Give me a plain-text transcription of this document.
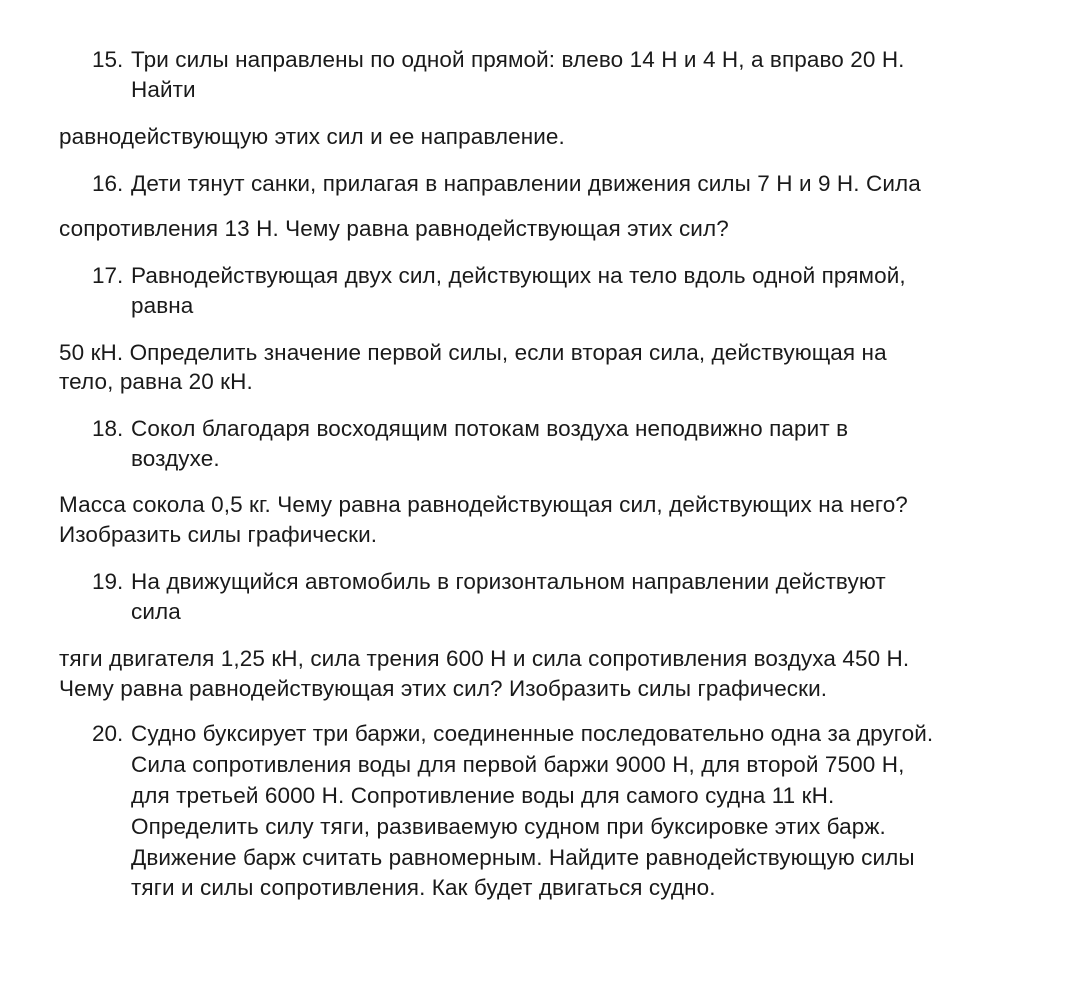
15. Три силы направлены по одной прямой: влево 14 Н и 4 Н, а вправо 20 Н.
Найти
равнодействующую этих сил и ее направление.
16. Дети тянут санки, прилагая в направлении движения силы 7 Н и 9 Н. Сила
сопротивления 13 Н. Чему равна равнодействующая этих сил?
17. Равнодействующая двух сил, действующих на тело вдоль одной прямой,
равна
50 кН. Определить значение первой силы, если вторая сила, действующая на
тело, равна 20 кН.
18. Сокол благодаря восходящим потокам воздуха неподвижно парит в
воздухе.
Масса сокола 0,5 кг. Чему равна равнодействующая сил, действующих на него?
Изобразить силы графически.
19. На движущийся автомобиль в горизонтальном направлении действуют
сила
тяги двигателя 1,25 кН, сила трения 600 Н и сила сопротивления воздуха 450 Н.
Чему равна равнодействующая этих сил? Изобразить силы графически.
20. Судно буксирует три баржи, соединенные последовательно одна за другой.
Сила сопротивления воды для первой баржи 9000 Н, для второй 7500 Н,
для третьей 6000 Н. Сопротивление воды для самого судна 11 кН.
Определить силу тяги, развиваемую судном при буксировке этих барж.
Движение барж считать равномерным. Найдите равнодействующую силы
тяги и силы сопротивления. Как будет двигаться судно.
